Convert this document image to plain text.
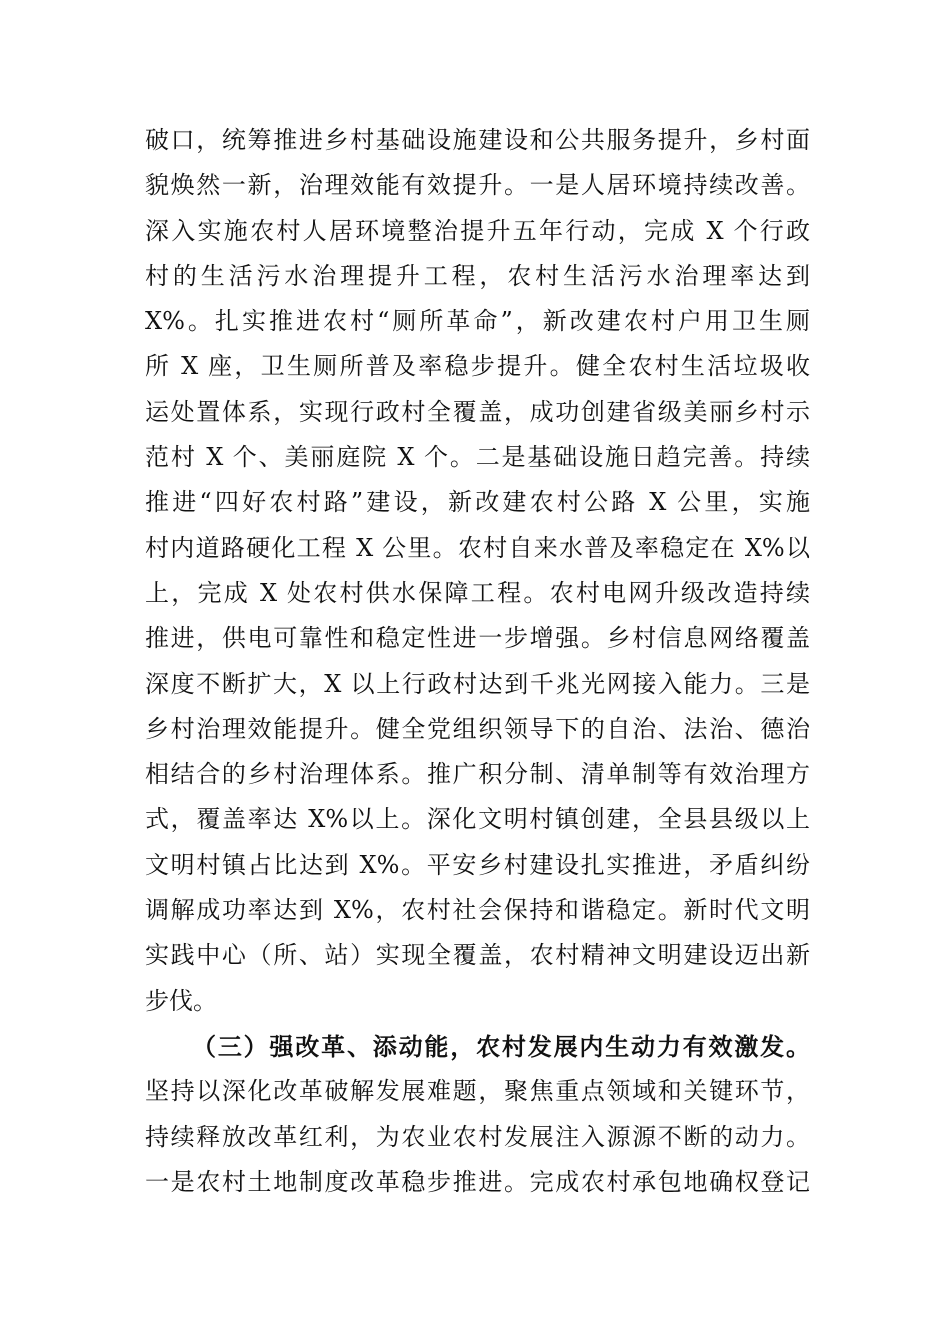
破口，统筹推进乡村基础设施建设和公共服务提升，乡村面
貌焕然一新，治理效能有效提升。一是人居环境持续改善。
深入实施农村人居环境整治提升五年行动，完成 X 个行政
村的生活污水治理提升工程，农村生活污水治理率达到
X%。扎实推进农村“厕所革命”，新改建农村户用卫生厕
所 X 座，卫生厕所普及率稳步提升。健全农村生活垃圾收
运处置体系，实现行政村全覆盖，成功创建省级美丽乡村示
范村 X 个、美丽庭院 X 个。二是基础设施日趋完善。持续
推进“四好农村路”建设，新改建农村公路 X 公里，实施
村内道路硬化工程 X 公里。农村自来水普及率稳定在 X%以
上，完成 X 处农村供水保障工程。农村电网升级改造持续
推进，供电可靠性和稳定性进一步增强。乡村信息网络覆盖
深度不断扩大，X 以上行政村达到千兆光网接入能力。三是
乡村治理效能提升。健全党组织领导下的自治、法治、德治
相结合的乡村治理体系。推广积分制、清单制等有效治理方
式，覆盖率达 X%以上。深化文明村镇创建，全县县级以上
文明村镇占比达到 X%。平安乡村建设扎实推进，矛盾纠纷
调解成功率达到 X%，农村社会保持和谐稳定。新时代文明
实践中心（所、站）实现全覆盖，农村精神文明建设迈出新
步伐。
（三）强改革、添动能，农村发展内生动力有效激发。
坚持以深化改革破解发展难题，聚焦重点领域和关键环节，
持续释放改革红利，为农业农村发展注入源源不断的动力。
一是农村土地制度改革稳步推进。完成农村承包地确权登记
